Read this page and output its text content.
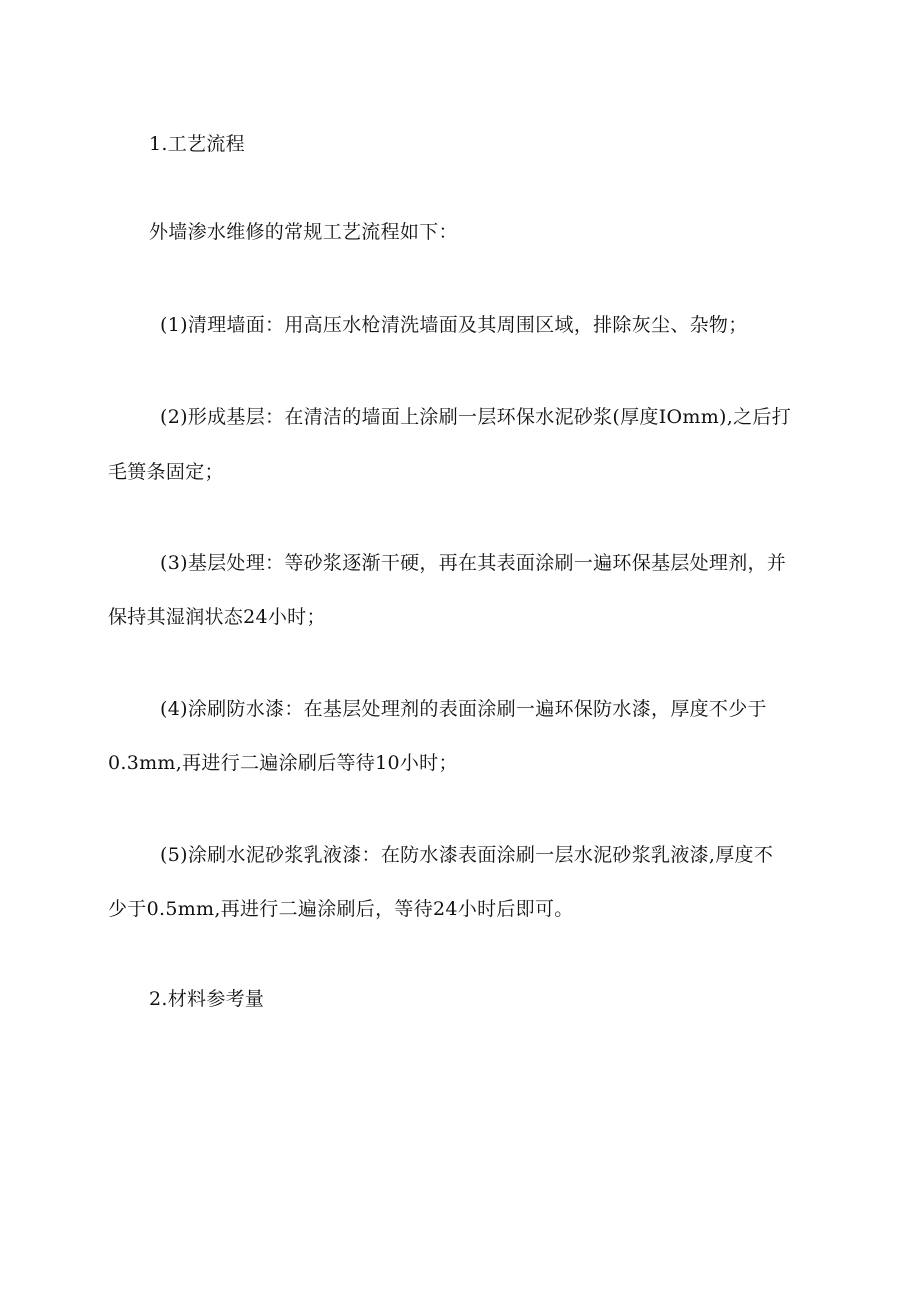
1.工艺流程
外墙渗水维修的常规工艺流程如下：
(1)清理墙面：用高压水枪清洗墙面及其周围区域，排除灰尘、杂物；
(2)形成基层：在清洁的墙面上涂刷一层环保水泥砂浆(厚度IOmm),之后打
毛篑条固定；
(3)基层处理：等砂浆逐渐干硬，再在其表面涂刷一遍环保基层处理剂，并
保持其湿润状态24小时；
(4)涂刷防水漆：在基层处理剂的表面涂刷一遍环保防水漆，厚度不少于
0.3mm,再进行二遍涂刷后等待10小时；
(5)涂刷水泥砂浆乳液漆：在防水漆表面涂刷一层水泥砂浆乳液漆,厚度不
少于0.5mm,再进行二遍涂刷后，等待24小时后即可。
2.材料参考量
